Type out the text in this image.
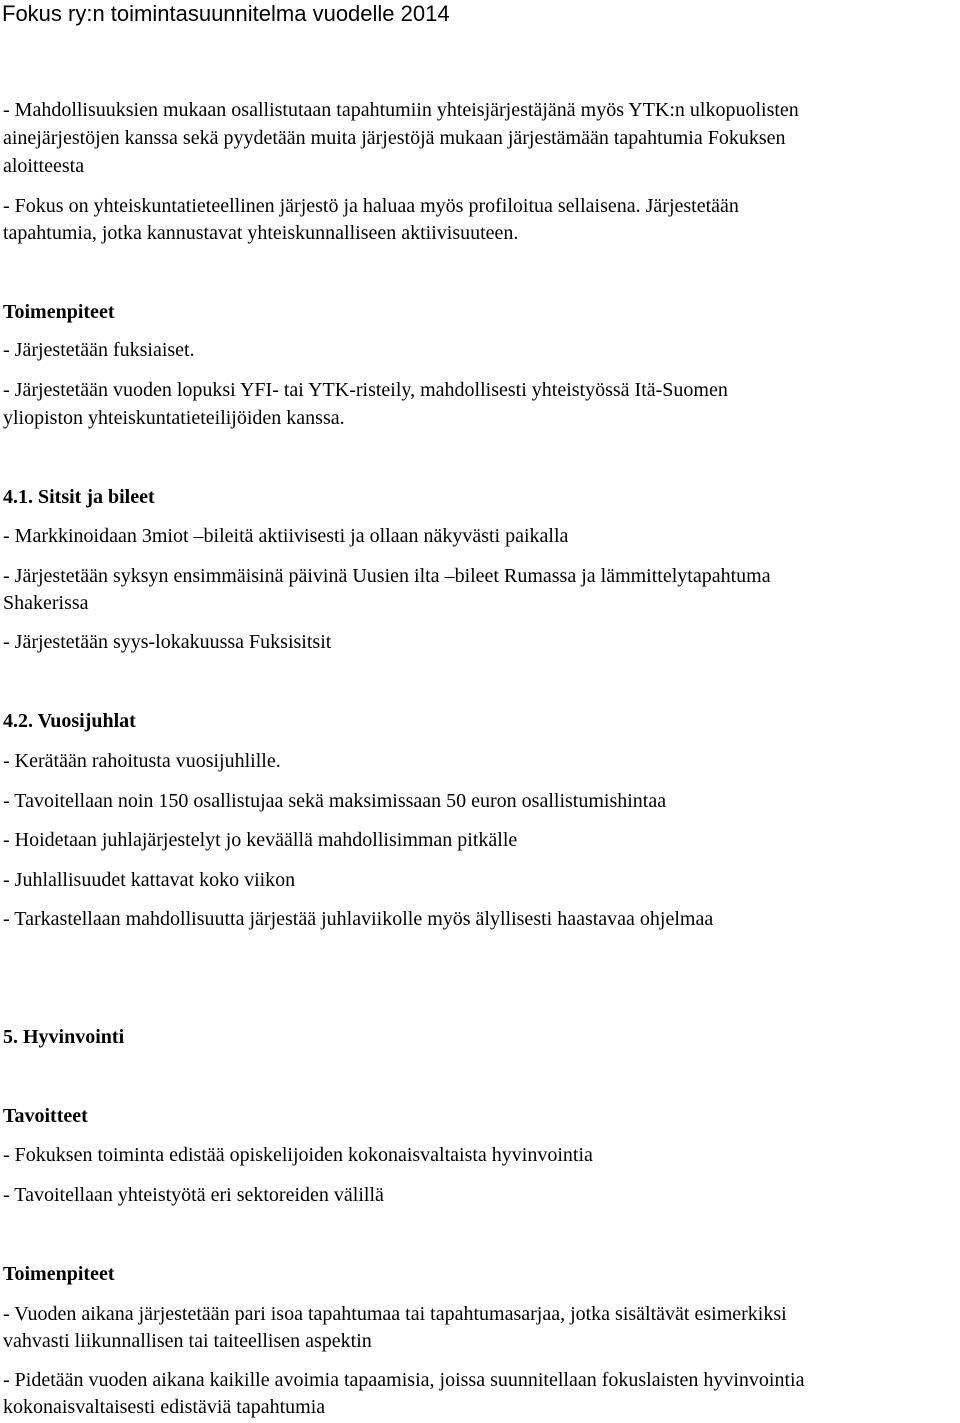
Fokus ry:n toimintasuunnitelma vuodelle 2014
- Mahdollisuuksien mukaan osallistutaan tapahtumiin yhteisjärjestäjänä myös YTK:n ulkopuolisten
ainejärjestöjen kanssa sekä pyydetään muita järjestöjä mukaan järjestämään tapahtumia Fokuksen
aloitteesta
- Fokus on yhteiskuntatieteellinen järjestö ja haluaa myös profiloitua sellaisena. Järjestetään
tapahtumia, jotka kannustavat yhteiskunnalliseen aktiivisuuteen.
Toimenpiteet
- Järjestetään fuksiaiset.
- Järjestetään vuoden lopuksi YFI- tai YTK-risteily, mahdollisesti yhteistyössä Itä-Suomen
yliopiston yhteiskuntatieteilijöiden kanssa.
4.1. Sitsit ja bileet
- Markkinoidaan 3miot –bileitä aktiivisesti ja ollaan näkyvästi paikalla
- Järjestetään syksyn ensimmäisinä päivinä Uusien ilta –bileet Rumassa ja lämmittelytapahtuma
Shakerissa
- Järjestetään syys-lokakuussa Fuksisitsit
4.2. Vuosijuhlat
- Kerätään rahoitusta vuosijuhlille.
- Tavoitellaan noin 150 osallistujaa sekä maksimissaan 50 euron osallistumishintaa
- Hoidetaan juhlajärjestelyt jo keväällä mahdollisimman pitkälle
- Juhlallisuudet kattavat koko viikon
- Tarkastellaan mahdollisuutta järjestää juhlaviikolle myös älyllisesti haastavaa ohjelmaa
5. Hyvinvointi
Tavoitteet
- Fokuksen toiminta edistää opiskelijoiden kokonaisvaltaista hyvinvointia
- Tavoitellaan yhteistyötä eri sektoreiden välillä
Toimenpiteet
- Vuoden aikana järjestetään pari isoa tapahtumaa tai tapahtumasarjaa, jotka sisältävät esimerkiksi
vahvasti liikunnallisen tai taiteellisen aspektin
- Pidetään vuoden aikana kaikille avoimia tapaamisia, joissa suunnitellaan fokuslaisten hyvinvointia
kokonaisvaltaisesti edistäviä tapahtumia
